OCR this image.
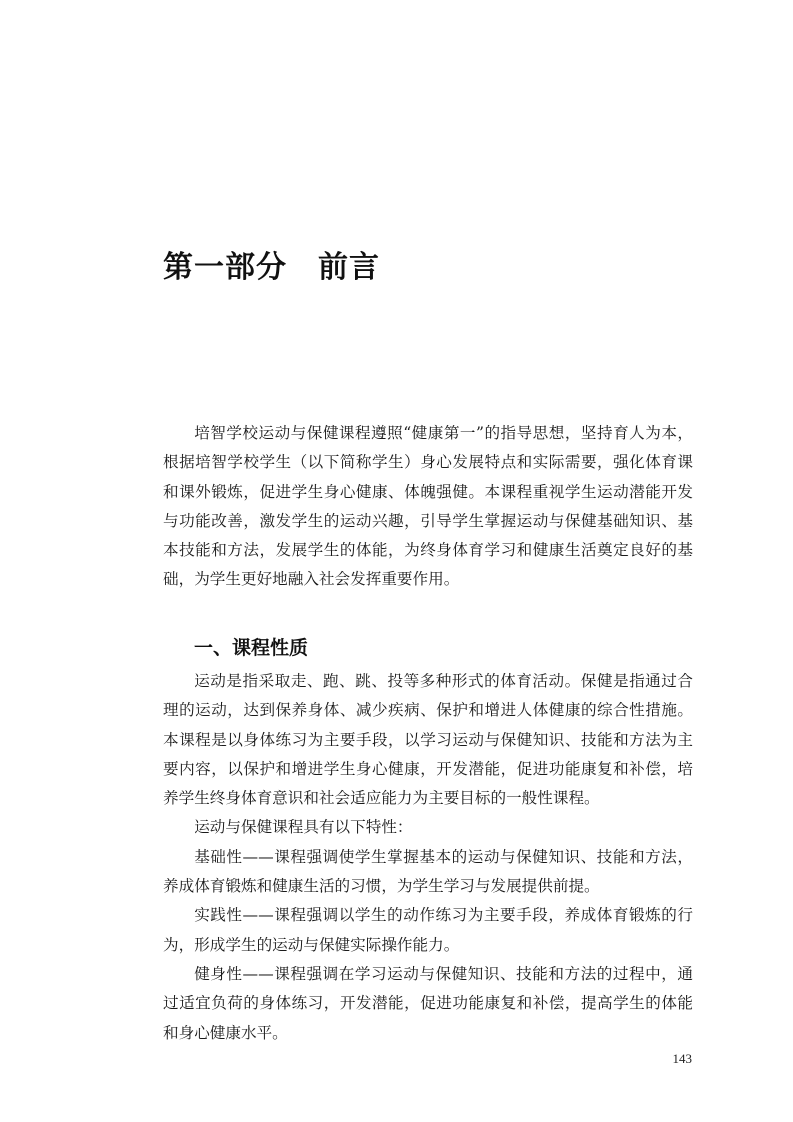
第一部分　前言

培智学校运动与保健课程遵照“健康第一”的指导思想，坚持育人为本，根据培智学校学生（以下简称学生）身心发展特点和实际需要，强化体育课和课外锻炼，促进学生身心健康、体魄强健。本课程重视学生运动潜能开发与功能改善，激发学生的运动兴趣，引导学生掌握运动与保健基础知识、基本技能和方法，发展学生的体能，为终身体育学习和健康生活奠定良好的基础，为学生更好地融入社会发挥重要作用。

一、课程性质

运动是指采取走、跑、跳、投等多种形式的体育活动。保健是指通过合理的运动，达到保养身体、减少疾病、保护和增进人体健康的综合性措施。本课程是以身体练习为主要手段，以学习运动与保健知识、技能和方法为主要内容，以保护和增进学生身心健康，开发潜能，促进功能康复和补偿，培养学生终身体育意识和社会适应能力为主要目标的一般性课程。

运动与保健课程具有以下特性：

基础性——课程强调使学生掌握基本的运动与保健知识、技能和方法，养成体育锻炼和健康生活的习惯，为学生学习与发展提供前提。

实践性——课程强调以学生的动作练习为主要手段，养成体育锻炼的行为，形成学生的运动与保健实际操作能力。

健身性——课程强调在学习运动与保健知识、技能和方法的过程中，通过适宜负荷的身体练习，开发潜能，促进功能康复和补偿，提高学生的体能和身心健康水平。

143
